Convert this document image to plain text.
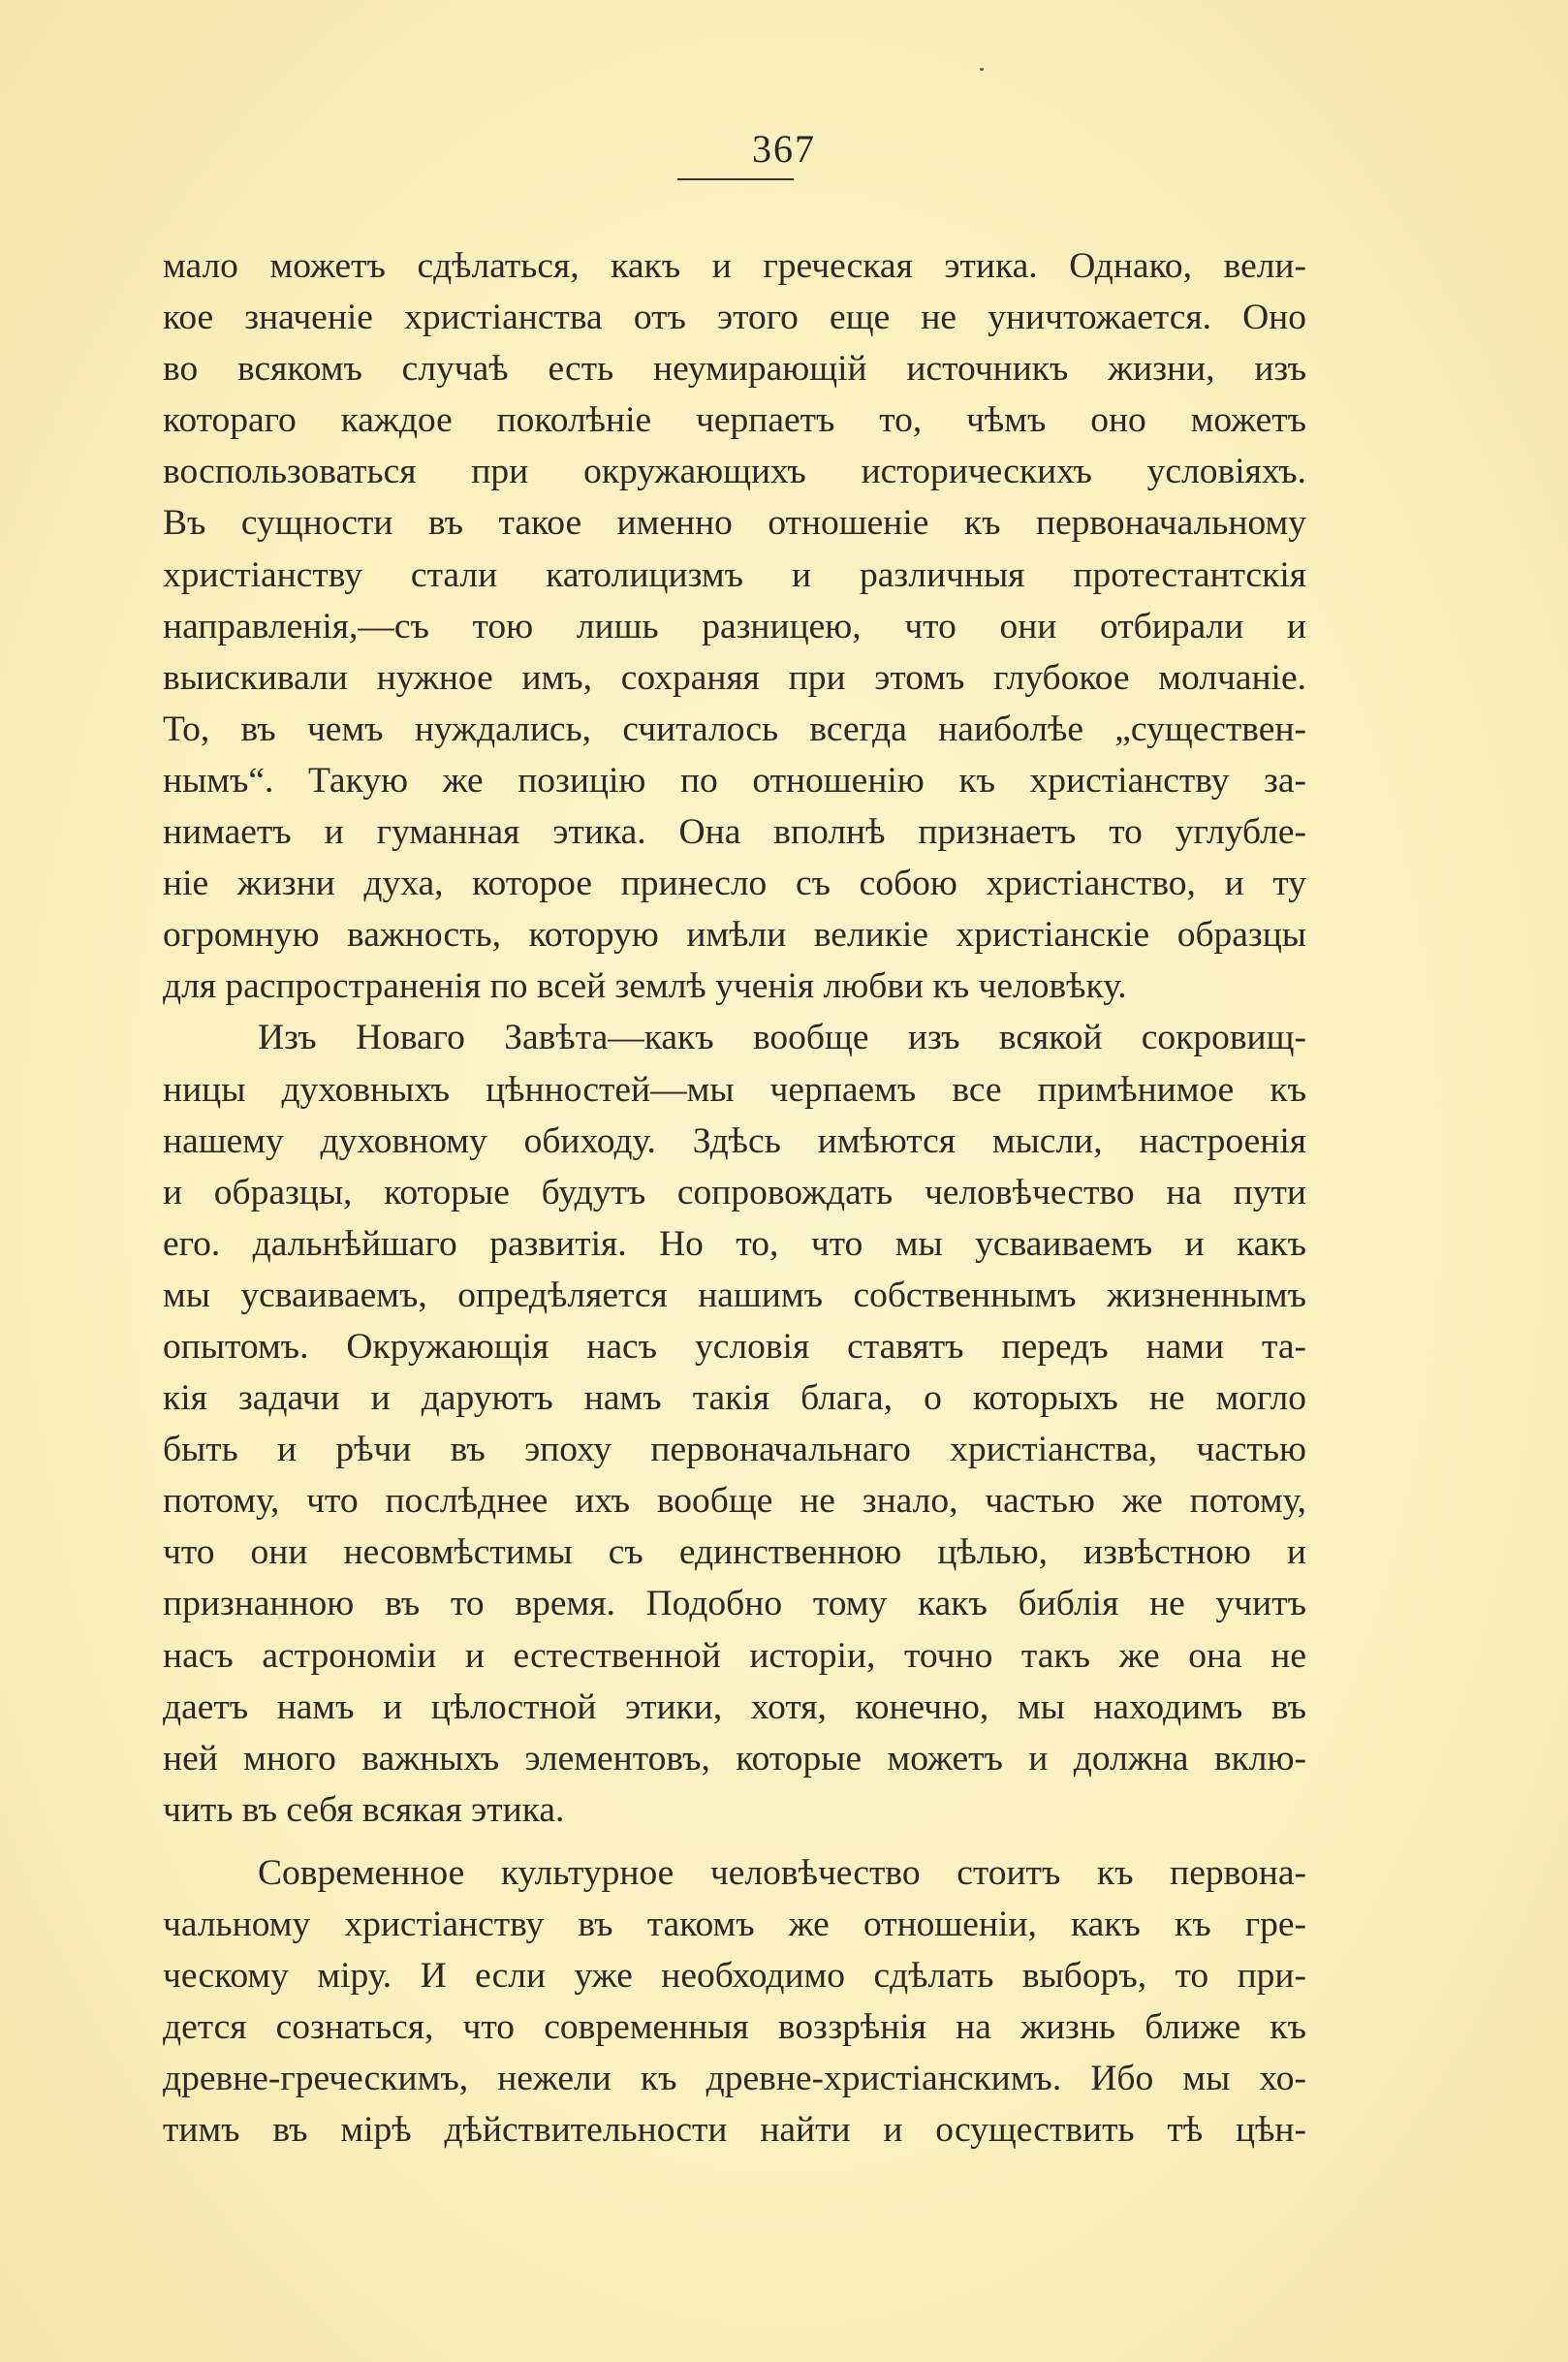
367
мало можетъ сдѣлаться, какъ и греческая этика. Однако, вели-
кое значеніе христіанства отъ этого еще не уничтожается. Оно
во всякомъ случаѣ есть неумирающій источникъ жизни, изъ
котораго каждое поколѣніе черпаетъ то, чѣмъ оно можетъ
воспользоваться при окружающихъ историческихъ условіяхъ.
Въ сущности въ такое именно отношеніе къ первоначальному
христіанству стали католицизмъ и различныя протестантскія
направленія,—съ тою лишь разницею, что они отбирали и
выискивали нужное имъ, сохраняя при этомъ глубокое молчаніе.
То, въ чемъ нуждались, считалось всегда наиболѣе „существен-
нымъ“. Такую же позицію по отношенію къ христіанству за-
нимаетъ и гуманная этика. Она вполнѣ признаетъ то углубле-
ніе жизни духа, которое принесло съ собою христіанство, и ту
огромную важность, которую имѣли великіе христіанскіе образцы
для распространенія по всей землѣ ученія любви къ человѣку.
Изъ Новаго Завѣта—какъ вообще изъ всякой сокровищ-
ницы духовныхъ цѣнностей—мы черпаемъ все примѣнимое къ
нашему духовному обиходу. Здѣсь имѣются мысли, настроенія
и образцы, которые будутъ сопровождать человѣчество на пути
его. дальнѣйшаго развитія. Но то, что мы усваиваемъ и какъ
мы усваиваемъ, опредѣляется нашимъ собственнымъ жизненнымъ
опытомъ. Окружающія насъ условія ставятъ передъ нами та-
кія задачи и даруютъ намъ такія блага, о которыхъ не могло
быть и рѣчи въ эпоху первоначальнаго христіанства, частью
потому, что послѣднее ихъ вообще не знало, частью же потому,
что они несовмѣстимы съ единственною цѣлью, извѣстною и
признанною въ то время. Подобно тому какъ библія не учитъ
насъ астрономіи и естественной исторіи, точно такъ же она не
даетъ намъ и цѣлостной этики, хотя, конечно, мы находимъ въ
ней много важныхъ элементовъ, которые можетъ и должна вклю-
чить въ себя всякая этика.
Современное культурное человѣчество стоитъ къ первона-
чальному христіанству въ такомъ же отношеніи, какъ къ гре-
ческому міру. И если уже необходимо сдѣлать выборъ, то при-
дется сознаться, что современныя воззрѣнія на жизнь ближе къ
древне-греческимъ, нежели къ древне-христіанскимъ. Ибо мы хо-
тимъ въ мірѣ дѣйствительности найти и осуществить тѣ цѣн-
